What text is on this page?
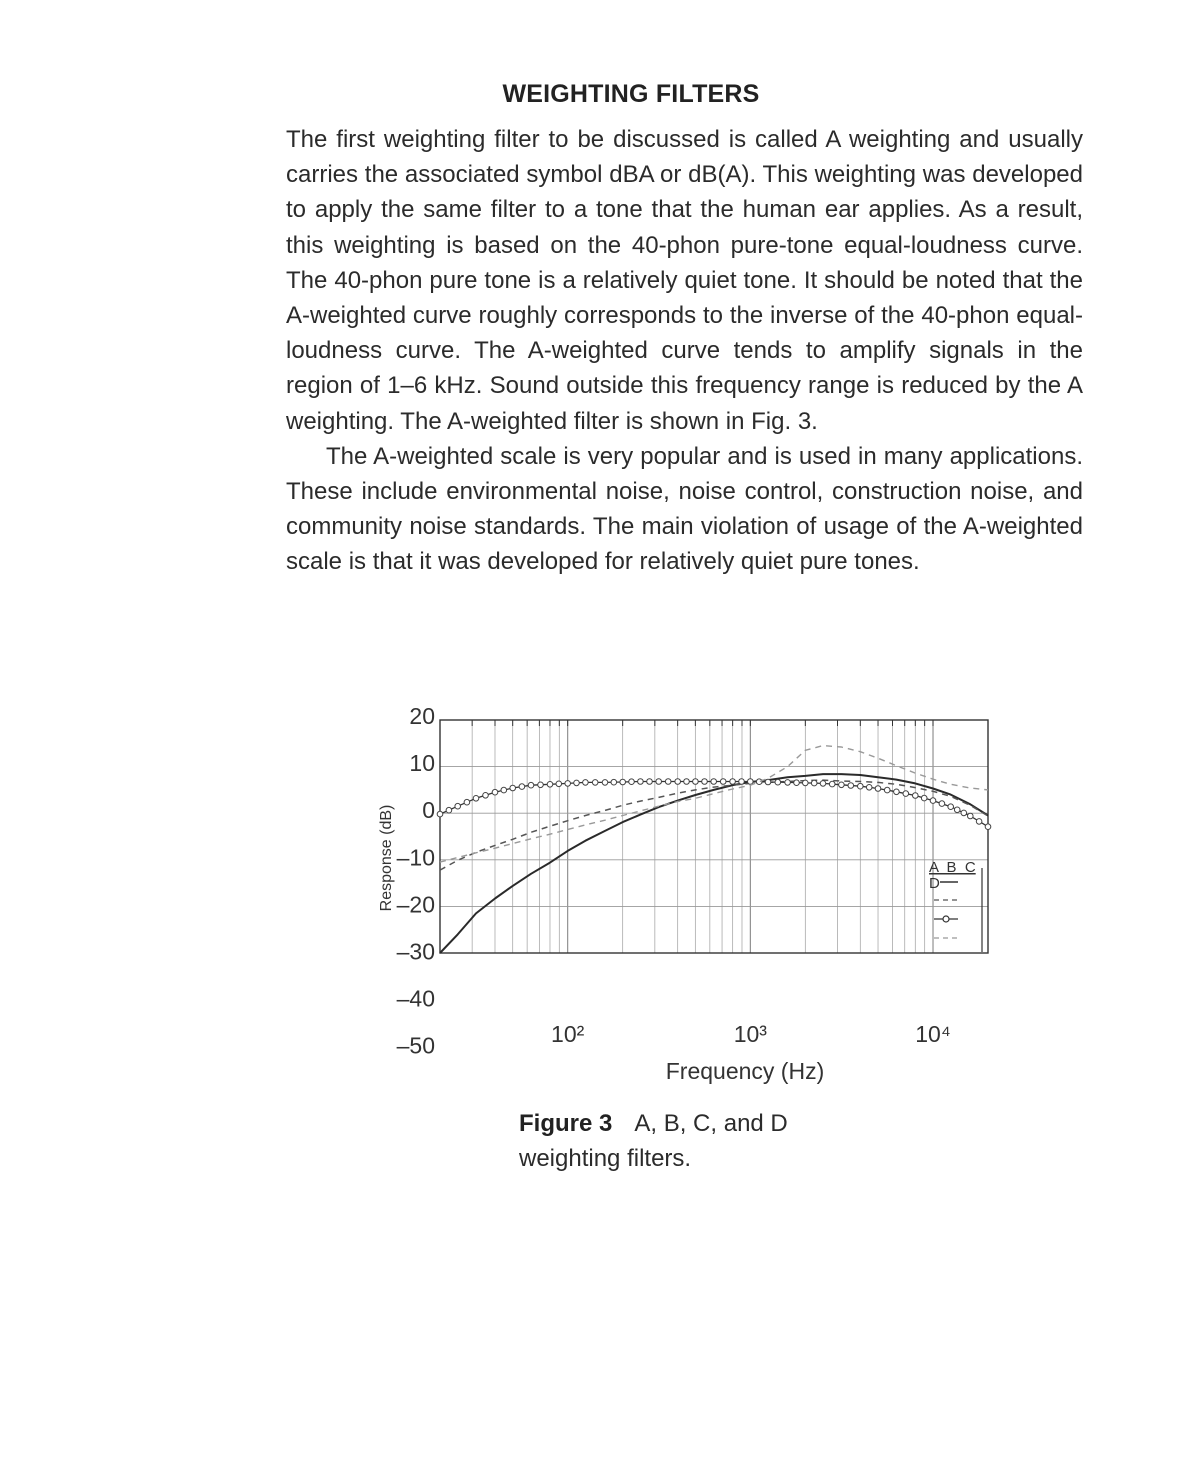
WEIGHTING FILTERS

The first weighting filter to be discussed is called A weighting and usually carries the associated symbol dBA or dB(A). This weighting was developed to apply the same filter to a tone that the human ear applies. As a result, this weighting is based on the 40-phon pure-tone equal-loudness curve. The 40-phon pure tone is a relatively quiet tone. It should be noted that the A-weighted curve roughly corresponds to the inverse of the 40-phon equal-loudness curve. The A-weighted curve tends to amplify signals in the region of 1–6 kHz. Sound outside this frequency range is reduced by the A weighting. The A-weighted filter is shown in Fig. 3.

The A-weighted scale is very popular and is used in many applications. These include environmental noise, noise control, construction noise, and community noise standards. The main violation of usage of the A-weighted scale is that it was developed for relatively quiet pure tones.

20
10
0
–10
–20
–30
–40
–50	10²	10³	10⁴
Response (dB)
Frequency (Hz)
A  B  C
D
Figure 3 A, B, C, and D weighting filters.
